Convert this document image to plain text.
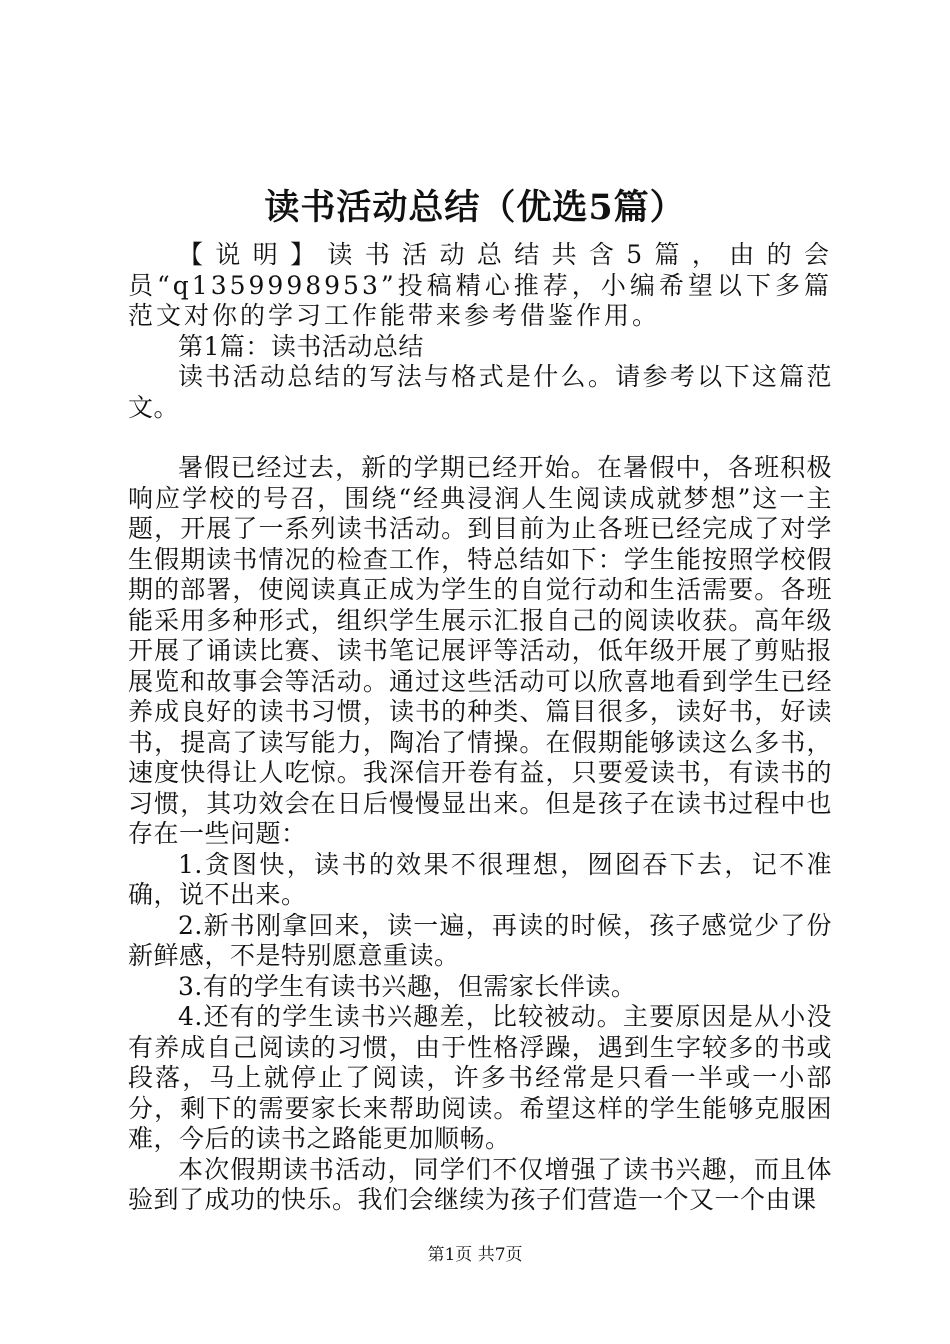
读书活动总结（优选5篇）

【说明】读书活动总结共含5篇，由的会员“q1359998953”投稿精心推荐，小编希望以下多篇范文对你的学习工作能带来参考借鉴作用。

第1篇：读书活动总结

读书活动总结的写法与格式是什么。请参考以下这篇范文。

暑假已经过去，新的学期已经开始。在暑假中，各班积极响应学校的号召，围绕“经典浸润人生阅读成就梦想”这一主题，开展了一系列读书活动。到目前为止各班已经完成了对学生假期读书情况的检查工作，特总结如下：学生能按照学校假期的部署，使阅读真正成为学生的自觉行动和生活需要。各班能采用多种形式，组织学生展示汇报自己的阅读收获。高年级开展了诵读比赛、读书笔记展评等活动，低年级开展了剪贴报展览和故事会等活动。通过这些活动可以欣喜地看到学生已经养成良好的读书习惯，读书的种类、篇目很多，读好书，好读书，提高了读写能力，陶冶了情操。在假期能够读这么多书，速度快得让人吃惊。我深信开卷有益，只要爱读书，有读书的习惯，其功效会在日后慢慢显出来。但是孩子在读书过程中也存在一些问题：

1.贪图快，读书的效果不很理想，囫囵吞下去，记不准确，说不出来。

2.新书刚拿回来，读一遍，再读的时候，孩子感觉少了份新鲜感，不是特别愿意重读。

3.有的学生有读书兴趣，但需家长伴读。

4.还有的学生读书兴趣差，比较被动。主要原因是从小没有养成自己阅读的习惯，由于性格浮躁，遇到生字较多的书或段落，马上就停止了阅读，许多书经常是只看一半或一小部分，剩下的需要家长来帮助阅读。希望这样的学生能够克服困难，今后的读书之路能更加顺畅。

本次假期读书活动，同学们不仅增强了读书兴趣，而且体验到了成功的快乐。我们会继续为孩子们营造一个又一个由课

第1页 共7页
